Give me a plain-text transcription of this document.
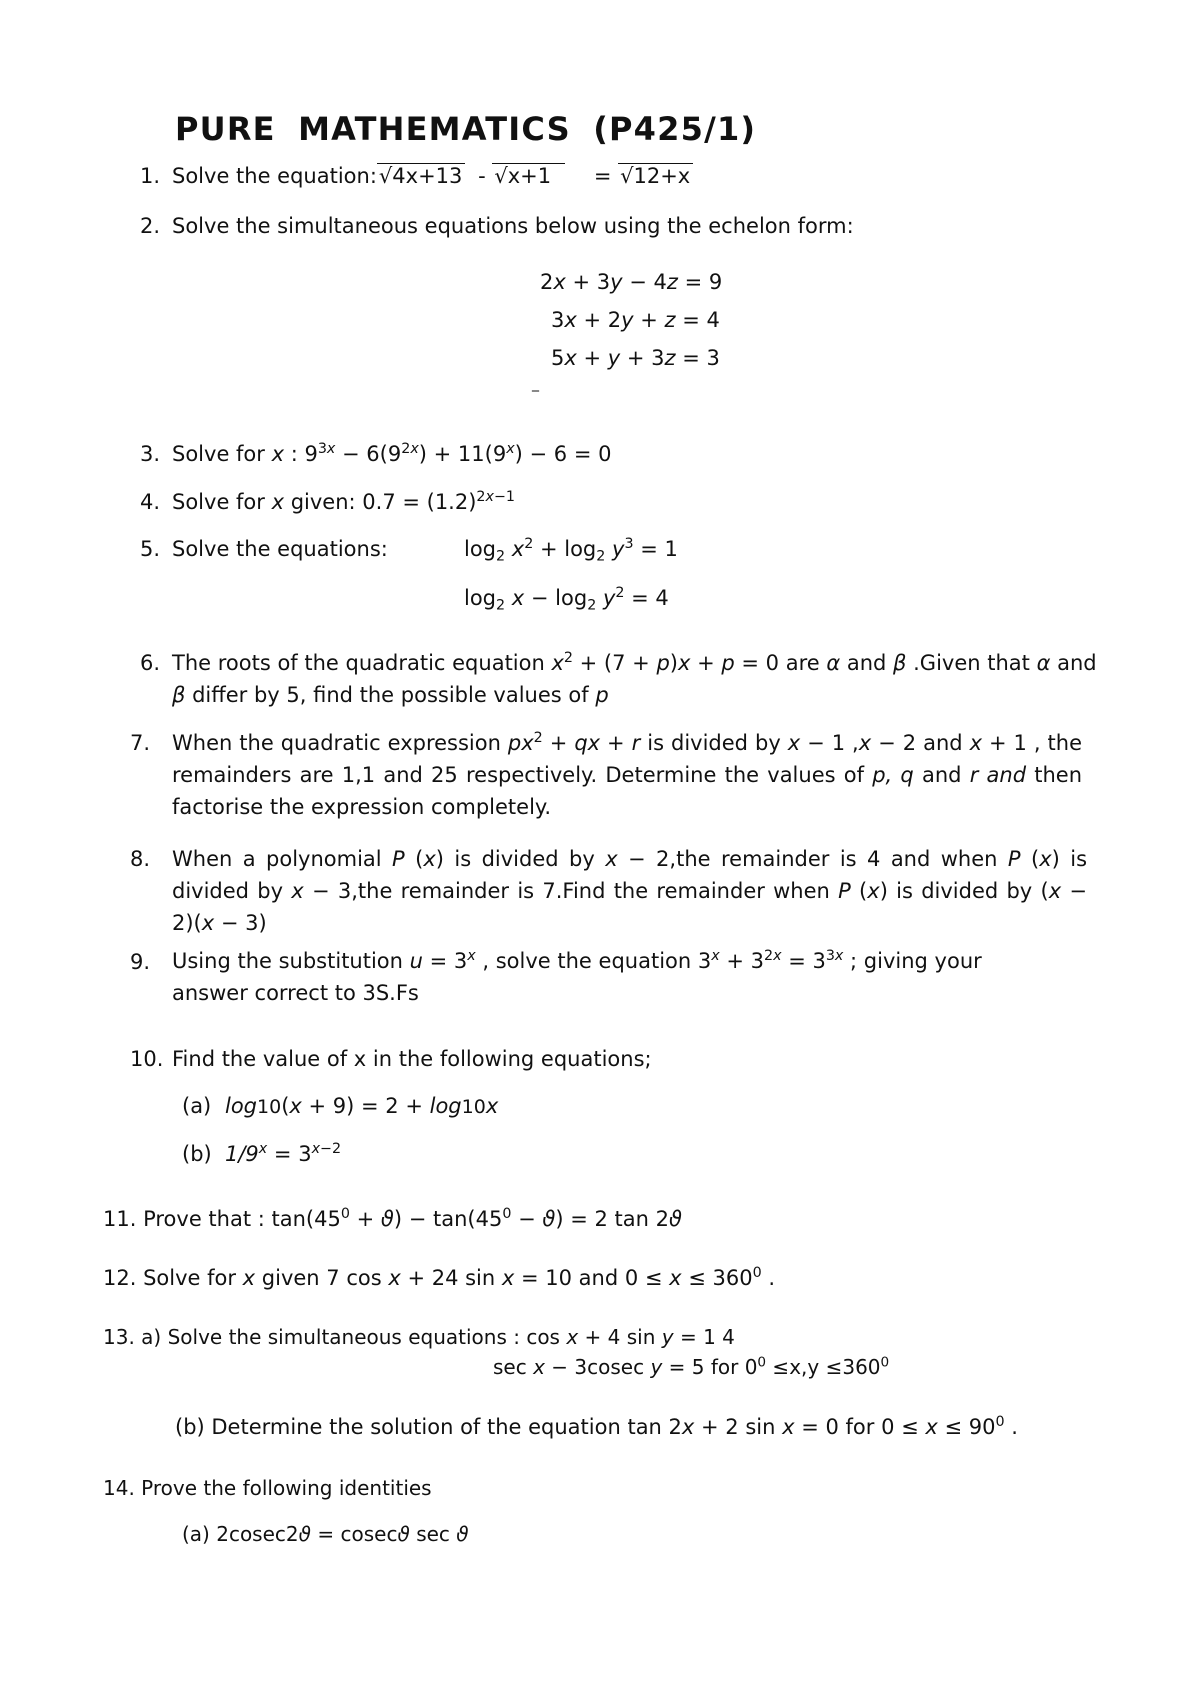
PURE MATHEMATICS (P425/1)
1. Solve the equation:√4x+13 - √x+1 = √12+x
2. Solve the simultaneous equations below using the echelon form:
2x + 3y − 4z = 9
3x + 2y + z = 4
5x + y + 3z = 3
_
3. Solve for x : $9^{3x} - 6(9^{2x}) + 11(9^x) - 6 = 0$
4. Solve for x given: $0.7 = (1.2)^{2x-1}$
5. Solve the equations:	$\log_2 x^2 + \log_2 y^3 = 1$
$\log_2 x - \log_2 y^2 = 4$
6. The roots of the quadratic equation $x^2 + (7 + p)x + p = 0$ are α and β .Given that α and
β differ by 5, find the possible values of p
7. When the quadratic expression $px^2$ + qx + r is divided by x − 1 ,x − 2 and x + 1 , the remainders are 1,1 and 25 respectively. Determine the values of p, q and r and then factorise the expression completely.
8. When a polynomial P (x) is divided by x − 2,the remainder is 4 and when P (x) is divided by x − 3,the remainder is 7.Find the remainder when P (x) is divided by (x − 2)(x − 3)
9. Using the substitution $u = 3^x$ , solve the equation $3^x + 3^{2x} = 3^{3x}$ ; giving your answer correct to 3S.Fs
10. Find the value of x in the following equations;
(a) log10(x + 9) = 2 + log10x
(b) $1/9^x = 3^{x-2}$
11. Prove that : $\tan(45^0 + ϑ) - \tan(45^0 - ϑ) = 2$ tan 2ϑ
12. Solve for x given 7 cos x + 24 sin x = 10 and $0 \le x \le 360^0$ .
13. a) Solve the simultaneous equations : cos x + 4 sin y = 1 4
sec x − 3cosec y = 5 for $0^0 \le x,y \le 360^0$
(b) Determine the solution of the equation tan 2x + 2 sin x = 0 for $0 \le x \le 90^0$ .
14. Prove the following identities
(a) 2cosec2ϑ = cosecϑ sec ϑ
